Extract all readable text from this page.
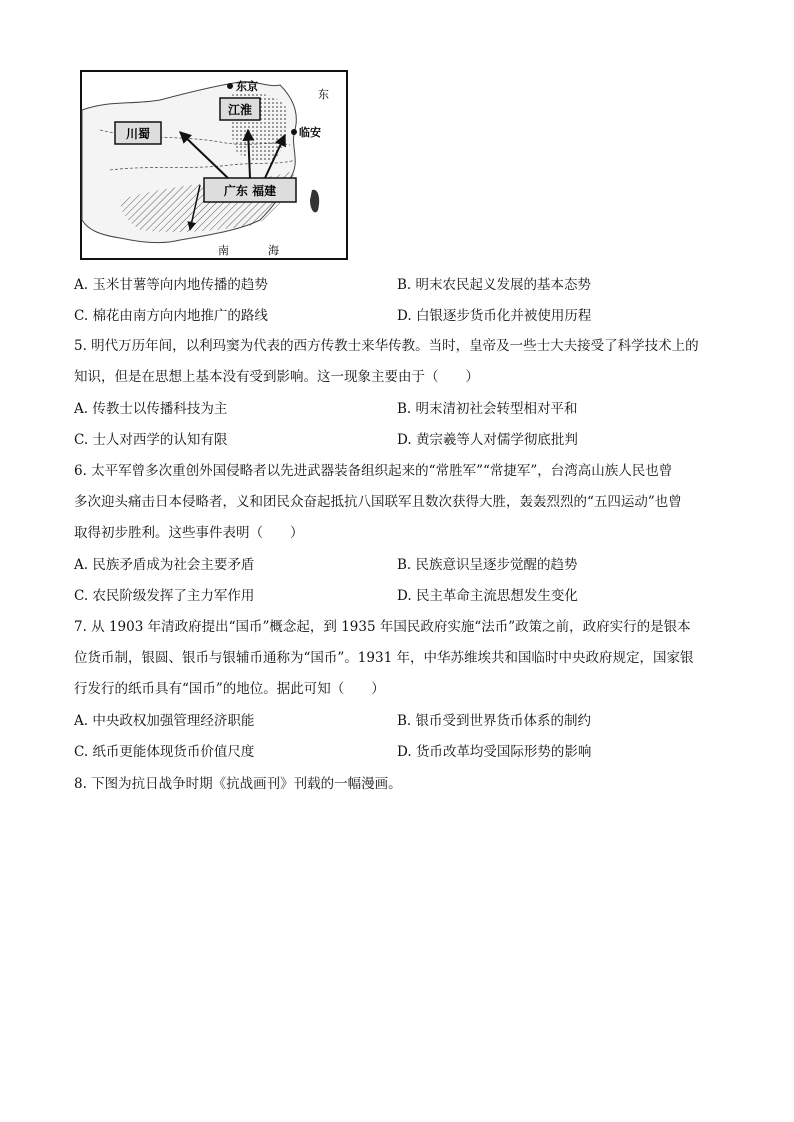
川蜀
江淮
广东 福建
东京
临安
东
南	海
A. 玉米甘薯等向内地传播的趋势	B. 明末农民起义发展的基本态势
C. 棉花由南方向内地推广的路线	D. 白银逐步货币化并被使用历程
5. 明代万历年间，以利玛窦为代表的西方传教士来华传教。当时，皇帝及一些士大夫接受了科学技术上的
知识，但是在思想上基本没有受到影响。这一现象主要由于（　　）
A. 传教士以传播科技为主	B. 明末清初社会转型相对平和
C. 士人对西学的认知有限	D. 黄宗羲等人对儒学彻底批判
6. 太平军曾多次重创外国侵略者以先进武器装备组织起来的“常胜军”“常捷军”，台湾高山族人民也曾
多次迎头痛击日本侵略者，义和团民众奋起抵抗八国联军且数次获得大胜，轰轰烈烈的“五四运动”也曾
取得初步胜利。这些事件表明（　　）
A. 民族矛盾成为社会主要矛盾	B. 民族意识呈逐步觉醒的趋势
C. 农民阶级发挥了主力军作用	D. 民主革命主流思想发生变化
7. 从 1903 年清政府提出“国币”概念起，到 1935 年国民政府实施“法币”政策之前，政府实行的是银本
位货币制，银圆、银币与银辅币通称为“国币”。1931 年，中华苏维埃共和国临时中央政府规定，国家银
行发行的纸币具有“国币”的地位。据此可知（　　）
A. 中央政权加强管理经济职能	B. 银币受到世界货币体系的制约
C. 纸币更能体现货币价值尺度	D. 货币改革均受国际形势的影响
8. 下图为抗日战争时期《抗战画刊》刊载的一幅漫画。
